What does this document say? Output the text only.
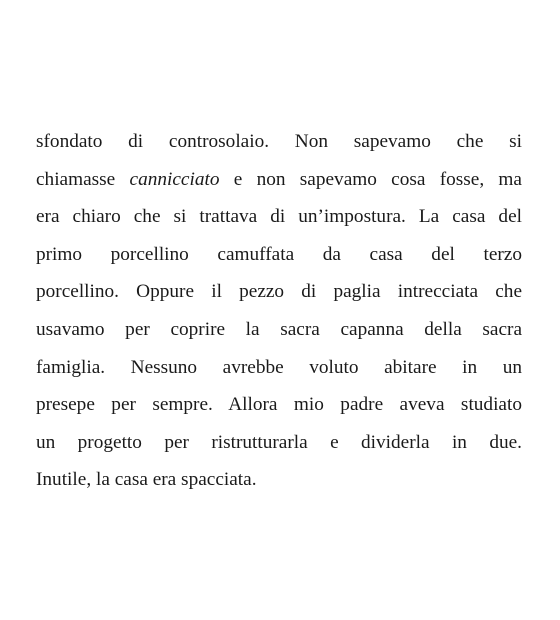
sfondato di controsolaio. Non sapevamo che si
chiamasse cannicciato e non sapevamo cosa fosse, ma
era chiaro che si trattava di un’impostura. La casa del
primo porcellino camuffata da casa del terzo
porcellino. Oppure il pezzo di paglia intrecciata che
usavamo per coprire la sacra capanna della sacra
famiglia. Nessuno avrebbe voluto abitare in un
presepe per sempre. Allora mio padre aveva studiato
un progetto per ristrutturarla e dividerla in due.
Inutile, la casa era spacciata.
